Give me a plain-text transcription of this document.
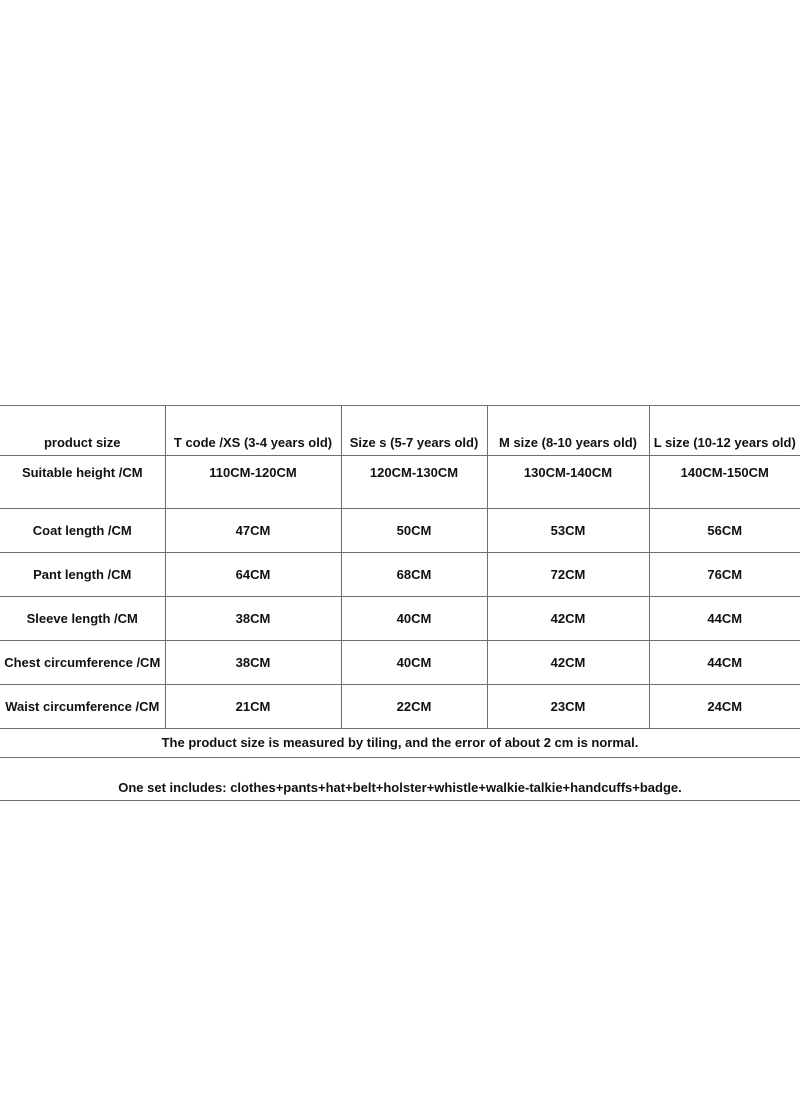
product size	T code /XS (3-4 years old)	Size s (5-7 years old)	M size (8-10 years old)	L size (10-12 years old)
Suitable height /CM	110CM-120CM	120CM-130CM	130CM-140CM	140CM-150CM
Coat length /CM	47CM	50CM	53CM	56CM
Pant length /CM	64CM	68CM	72CM	76CM
Sleeve length /CM	38CM	40CM	42CM	44CM
Chest circumference /CM	38CM	40CM	42CM	44CM
Waist circumference /CM	21CM	22CM	23CM	24CM
The product size is measured by tiling, and the error of about 2 cm is normal.
One set includes: clothes+pants+hat+belt+holster+whistle+walkie-talkie+handcuffs+badge.
